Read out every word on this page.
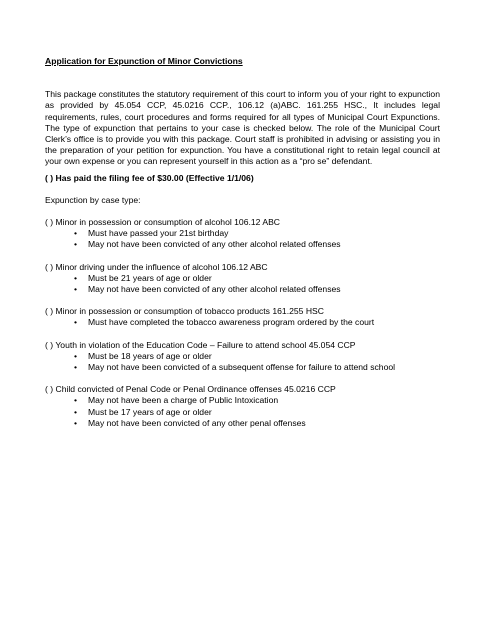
Application for Expunction of Minor Convictions

This package constitutes the statutory requirement of this court to inform you of your right to expunction as provided by 45.054 CCP, 45.0216 CCP., 106.12 (a)ABC. 161.255 HSC., It includes legal requirements, rules, court procedures and forms required for all types of Municipal Court Expunctions. The type of expunction that pertains to your case is checked below. The role of the Municipal Court Clerk’s office is to provide you with this package. Court staff is prohibited in advising or assisting you in the preparation of your petition for expunction. You have a constitutional right to retain legal council at your own expense or you can represent yourself in this action as a “pro se” defendant.

( ) Has paid the filing fee of $30.00 (Effective 1/1/06)

Expunction by case type:

( ) Minor in possession or consumption of alcohol 106.12 ABC
• Must have passed your 21st birthday
• May not have been convicted of any other alcohol related offenses
( ) Minor driving under the influence of alcohol 106.12 ABC
• Must be 21 years of age or older
• May not have been convicted of any other alcohol related offenses
( ) Minor in possession or consumption of tobacco products 161.255 HSC
• Must have completed the tobacco awareness program ordered by the court
( ) Youth in violation of the Education Code – Failure to attend school 45.054 CCP
• Must be 18 years of age or older
• May not have been convicted of a subsequent offense for failure to attend school
( ) Child convicted of Penal Code or Penal Ordinance offenses 45.0216 CCP
• May not have been a charge of Public Intoxication
• Must be 17 years of age or older
• May not have been convicted of any other penal offenses
